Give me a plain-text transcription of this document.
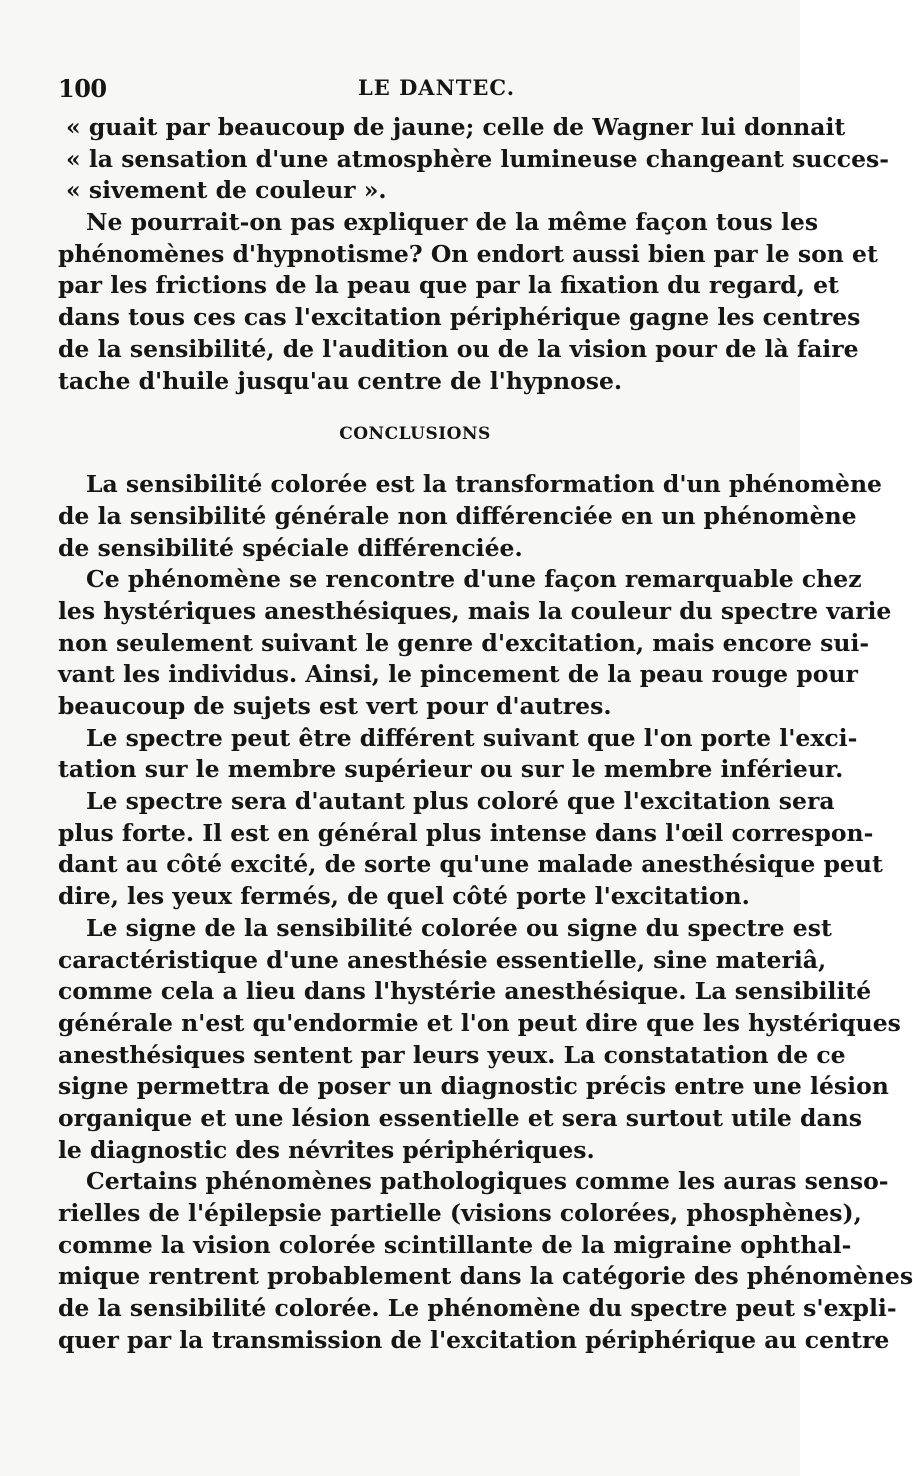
100	LE DANTEC.
« guait par beaucoup de jaune; celle de Wagner lui donnait
« la sensation d'une atmosphère lumineuse changeant succes-
« sivement de couleur ».
Ne pourrait-on pas expliquer de la même façon tous les
phénomènes d'hypnotisme? On endort aussi bien par le son et
par les frictions de la peau que par la fixation du regard, et
dans tous ces cas l'excitation périphérique gagne les centres
de la sensibilité, de l'audition ou de la vision pour de là faire
tache d'huile jusqu'au centre de l'hypnose.
CONCLUSIONS
La sensibilité colorée est la transformation d'un phénomène
de la sensibilité générale non différenciée en un phénomène
de sensibilité spéciale différenciée.
Ce phénomène se rencontre d'une façon remarquable chez
les hystériques anesthésiques, mais la couleur du spectre varie
non seulement suivant le genre d'excitation, mais encore sui-
vant les individus. Ainsi, le pincement de la peau rouge pour
beaucoup de sujets est vert pour d'autres.
Le spectre peut être différent suivant que l'on porte l'exci-
tation sur le membre supérieur ou sur le membre inférieur.
Le spectre sera d'autant plus coloré que l'excitation sera
plus forte. Il est en général plus intense dans l'œil correspon-
dant au côté excité, de sorte qu'une malade anesthésique peut
dire, les yeux fermés, de quel côté porte l'excitation.
Le signe de la sensibilité colorée ou signe du spectre est
caractéristique d'une anesthésie essentielle, sine materiâ,
comme cela a lieu dans l'hystérie anesthésique. La sensibilité
générale n'est qu'endormie et l'on peut dire que les hystériques
anesthésiques sentent par leurs yeux. La constatation de ce
signe permettra de poser un diagnostic précis entre une lésion
organique et une lésion essentielle et sera surtout utile dans
le diagnostic des névrites périphériques.
Certains phénomènes pathologiques comme les auras senso-
rielles de l'épilepsie partielle (visions colorées, phosphènes),
comme la vision colorée scintillante de la migraine ophthal-
mique rentrent probablement dans la catégorie des phénomènes
de la sensibilité colorée. Le phénomène du spectre peut s'expli-
quer par la transmission de l'excitation périphérique au centre
